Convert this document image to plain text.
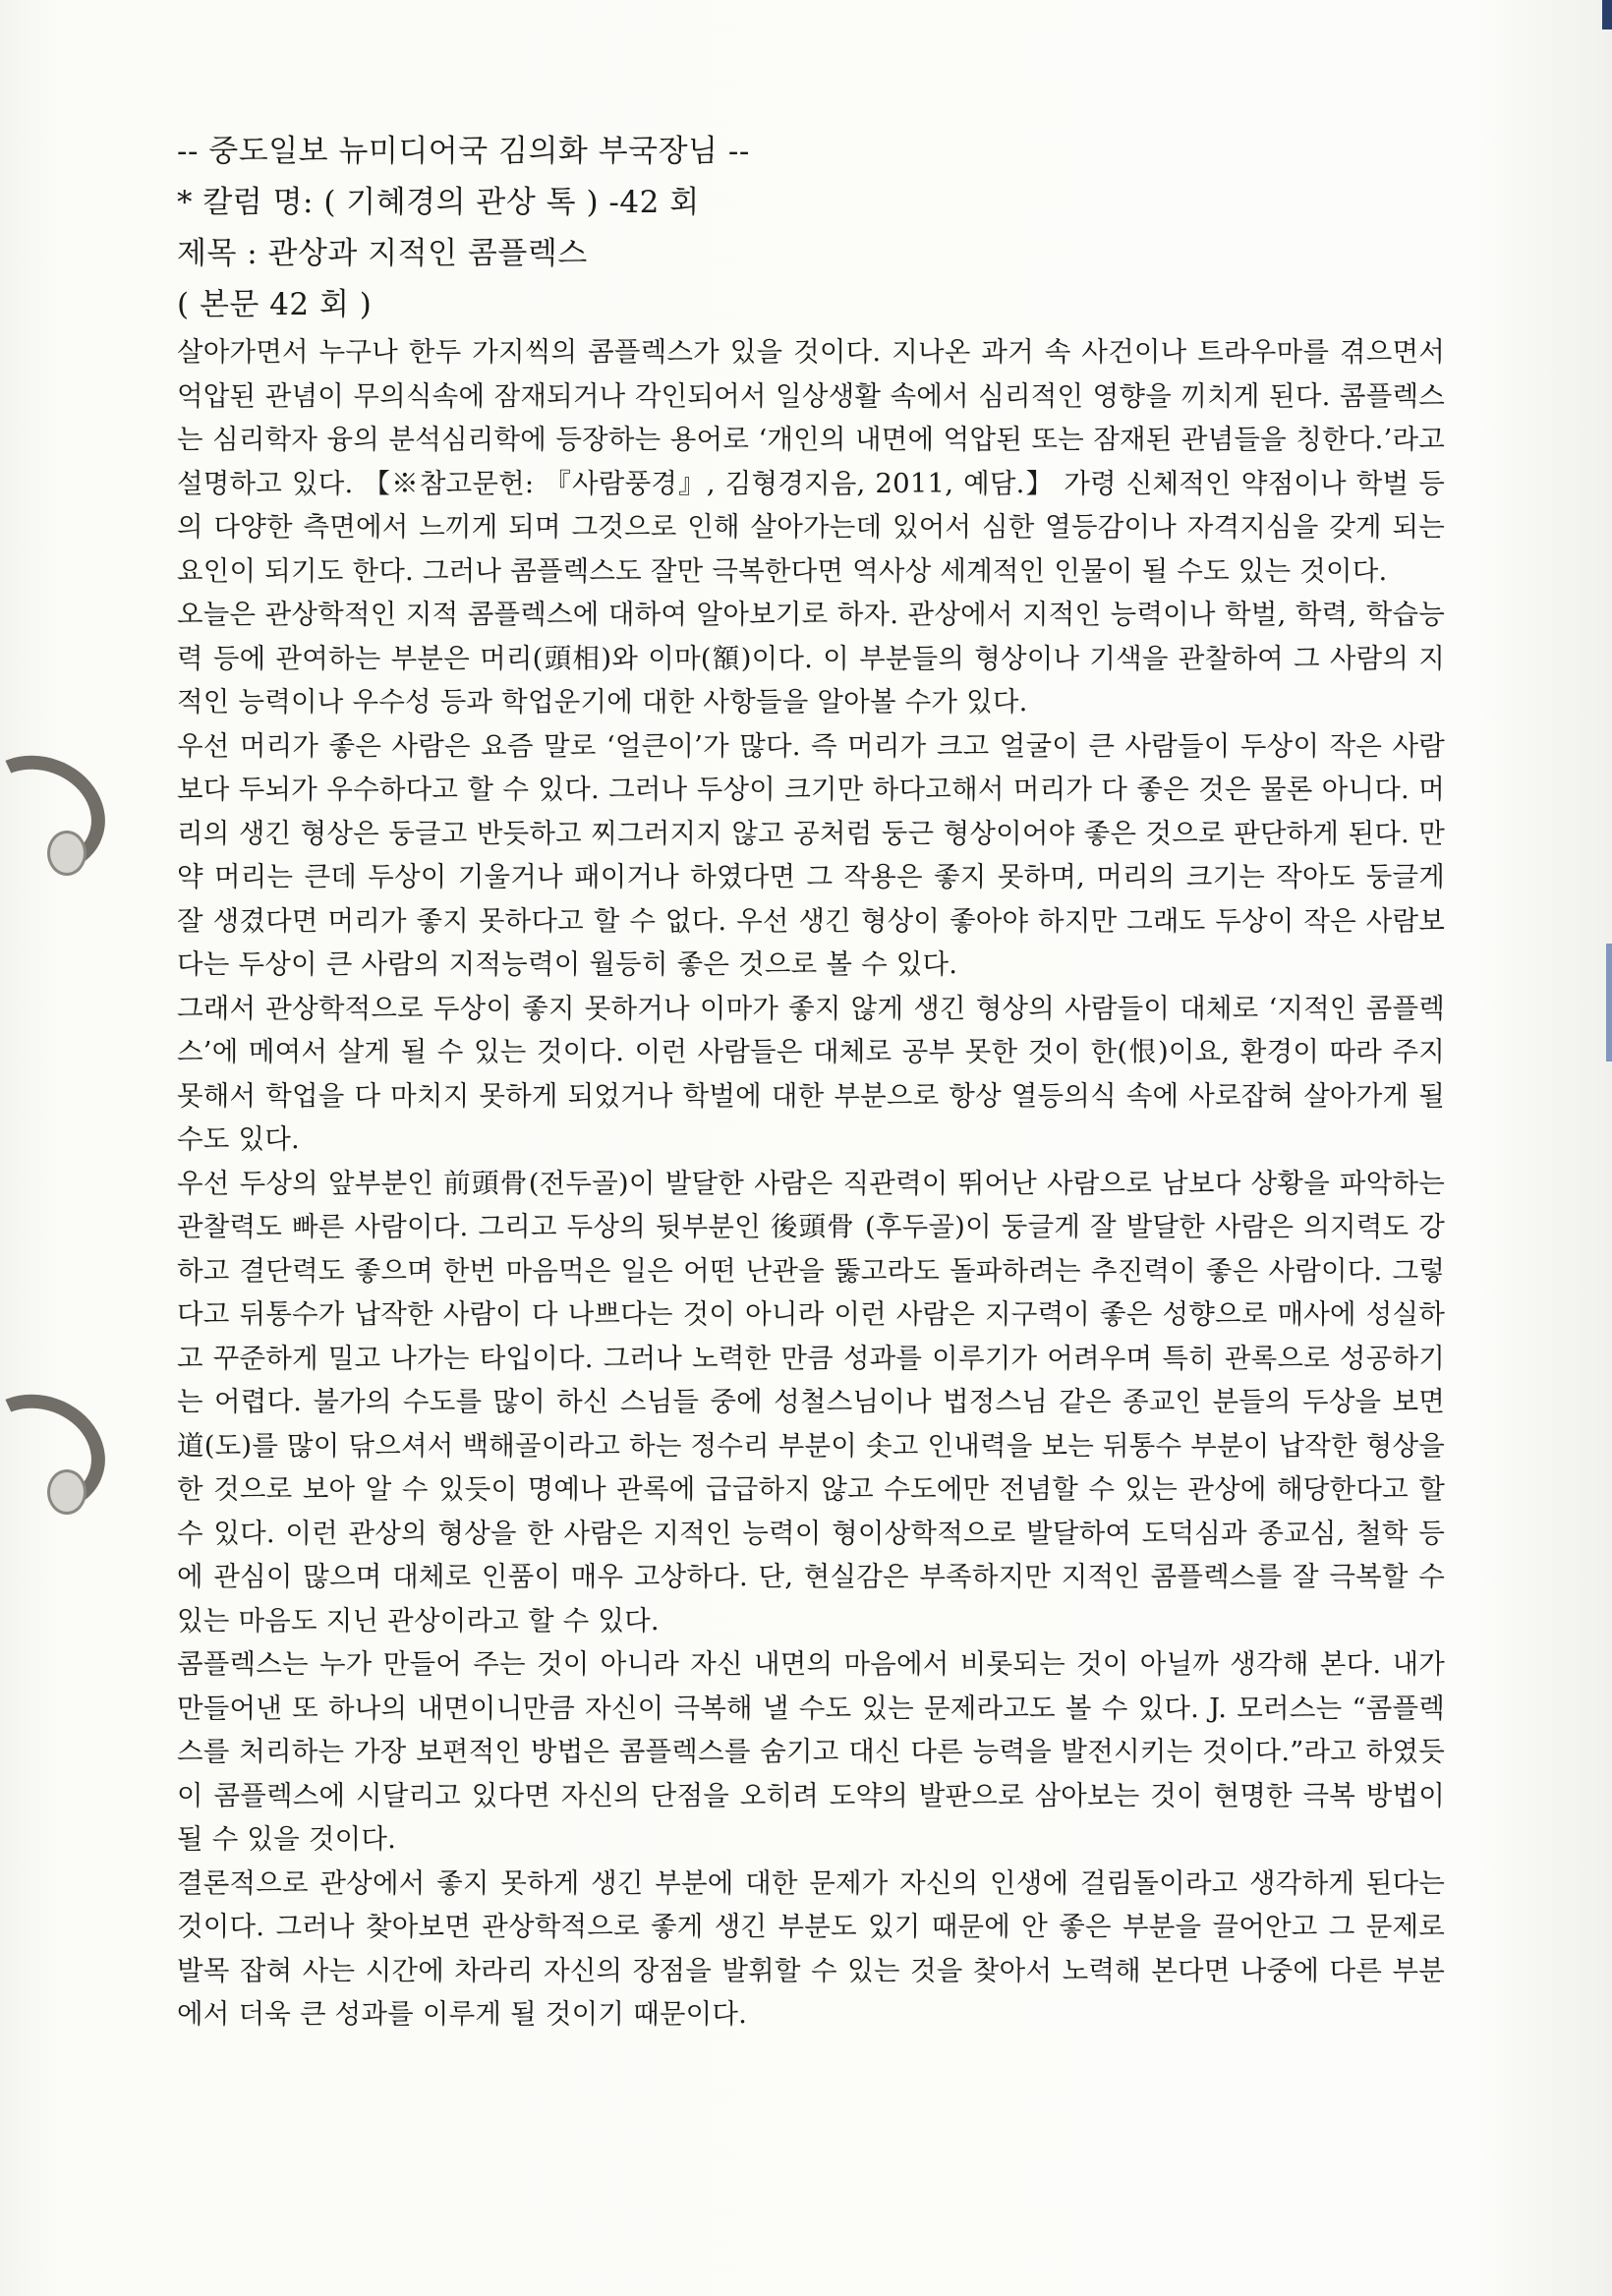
-- 중도일보 뉴미디어국 김의화 부국장님 --
* 칼럼 명: ( 기혜경의 관상 톡 ) -42 회
제목 : 관상과 지적인 콤플렉스
( 본문 42 회 )

살아가면서 누구나 한두 가지씩의 콤플렉스가 있을 것이다. 지나온 과거 속 사건이나 트라우마를 겪으면서 억압된 관념이 무의식속에 잠재되거나 각인되어서 일상생활 속에서 심리적인 영향을 끼치게 된다. 콤플렉스는 심리학자 융의 분석심리학에 등장하는 용어로 ‘개인의 내면에 억압된 또는 잠재된 관념들을 칭한다.’라고 설명하고 있다. 【※참고문헌: 『사람풍경』, 김형경지음, 2011, 예담.】 가령 신체적인 약점이나 학벌 등의 다양한 측면에서 느끼게 되며 그것으로 인해 살아가는데 있어서 심한 열등감이나 자격지심을 갖게 되는 요인이 되기도 한다. 그러나 콤플렉스도 잘만 극복한다면 역사상 세계적인 인물이 될 수도 있는 것이다.

오늘은 관상학적인 지적 콤플렉스에 대하여 알아보기로 하자. 관상에서 지적인 능력이나 학벌, 학력, 학습능력 등에 관여하는 부분은 머리(頭相)와 이마(額)이다. 이 부분들의 형상이나 기색을 관찰하여 그 사람의 지적인 능력이나 우수성 등과 학업운기에 대한 사항들을 알아볼 수가 있다.

우선 머리가 좋은 사람은 요즘 말로 ‘얼큰이’가 많다. 즉 머리가 크고 얼굴이 큰 사람들이 두상이 작은 사람보다 두뇌가 우수하다고 할 수 있다. 그러나 두상이 크기만 하다고해서 머리가 다 좋은 것은 물론 아니다. 머리의 생긴 형상은 둥글고 반듯하고 찌그러지지 않고 공처럼 둥근 형상이어야 좋은 것으로 판단하게 된다. 만약 머리는 큰데 두상이 기울거나 패이거나 하였다면 그 작용은 좋지 못하며, 머리의 크기는 작아도 둥글게 잘 생겼다면 머리가 좋지 못하다고 할 수 없다. 우선 생긴 형상이 좋아야 하지만 그래도 두상이 작은 사람보다는 두상이 큰 사람의 지적능력이 월등히 좋은 것으로 볼 수 있다.

그래서 관상학적으로 두상이 좋지 못하거나 이마가 좋지 않게 생긴 형상의 사람들이 대체로 ‘지적인 콤플렉스’에 메여서 살게 될 수 있는 것이다. 이런 사람들은 대체로 공부 못한 것이 한(恨)이요, 환경이 따라 주지 못해서 학업을 다 마치지 못하게 되었거나 학벌에 대한 부분으로 항상 열등의식 속에 사로잡혀 살아가게 될 수도 있다.

우선 두상의 앞부분인 前頭骨(전두골)이 발달한 사람은 직관력이 뛰어난 사람으로 남보다 상황을 파악하는 관찰력도 빠른 사람이다. 그리고 두상의 뒷부분인 後頭骨 (후두골)이 둥글게 잘 발달한 사람은 의지력도 강하고 결단력도 좋으며 한번 마음먹은 일은 어떤 난관을 뚫고라도 돌파하려는 추진력이 좋은 사람이다. 그렇다고 뒤통수가 납작한 사람이 다 나쁘다는 것이 아니라 이런 사람은 지구력이 좋은 성향으로 매사에 성실하고 꾸준하게 밀고 나가는 타입이다. 그러나 노력한 만큼 성과를 이루기가 어려우며 특히 관록으로 성공하기는 어렵다. 불가의 수도를 많이 하신 스님들 중에 성철스님이나 법정스님 같은 종교인 분들의 두상을 보면 道(도)를 많이 닦으셔서 백해골이라고 하는 정수리 부분이 솟고 인내력을 보는 뒤통수 부분이 납작한 형상을 한 것으로 보아 알 수 있듯이 명예나 관록에 급급하지 않고 수도에만 전념할 수 있는 관상에 해당한다고 할 수 있다. 이런 관상의 형상을 한 사람은 지적인 능력이 형이상학적으로 발달하여 도덕심과 종교심, 철학 등에 관심이 많으며 대체로 인품이 매우 고상하다. 단, 현실감은 부족하지만 지적인 콤플렉스를 잘 극복할 수 있는 마음도 지닌 관상이라고 할 수 있다.

콤플렉스는 누가 만들어 주는 것이 아니라 자신 내면의 마음에서 비롯되는 것이 아닐까 생각해 본다. 내가 만들어낸 또 하나의 내면이니만큼 자신이 극복해 낼 수도 있는 문제라고도 볼 수 있다. J. 모러스는 “콤플렉스를 처리하는 가장 보편적인 방법은 콤플렉스를 숨기고 대신 다른 능력을 발전시키는 것이다.”라고 하였듯이 콤플렉스에 시달리고 있다면 자신의 단점을 오히려 도약의 발판으로 삼아보는 것이 현명한 극복 방법이 될 수 있을 것이다.

결론적으로 관상에서 좋지 못하게 생긴 부분에 대한 문제가 자신의 인생에 걸림돌이라고 생각하게 된다는 것이다. 그러나 찾아보면 관상학적으로 좋게 생긴 부분도 있기 때문에 안 좋은 부분을 끌어안고 그 문제로 발목 잡혀 사는 시간에 차라리 자신의 장점을 발휘할 수 있는 것을 찾아서 노력해 본다면 나중에 다른 부분에서 더욱 큰 성과를 이루게 될 것이기 때문이다.
